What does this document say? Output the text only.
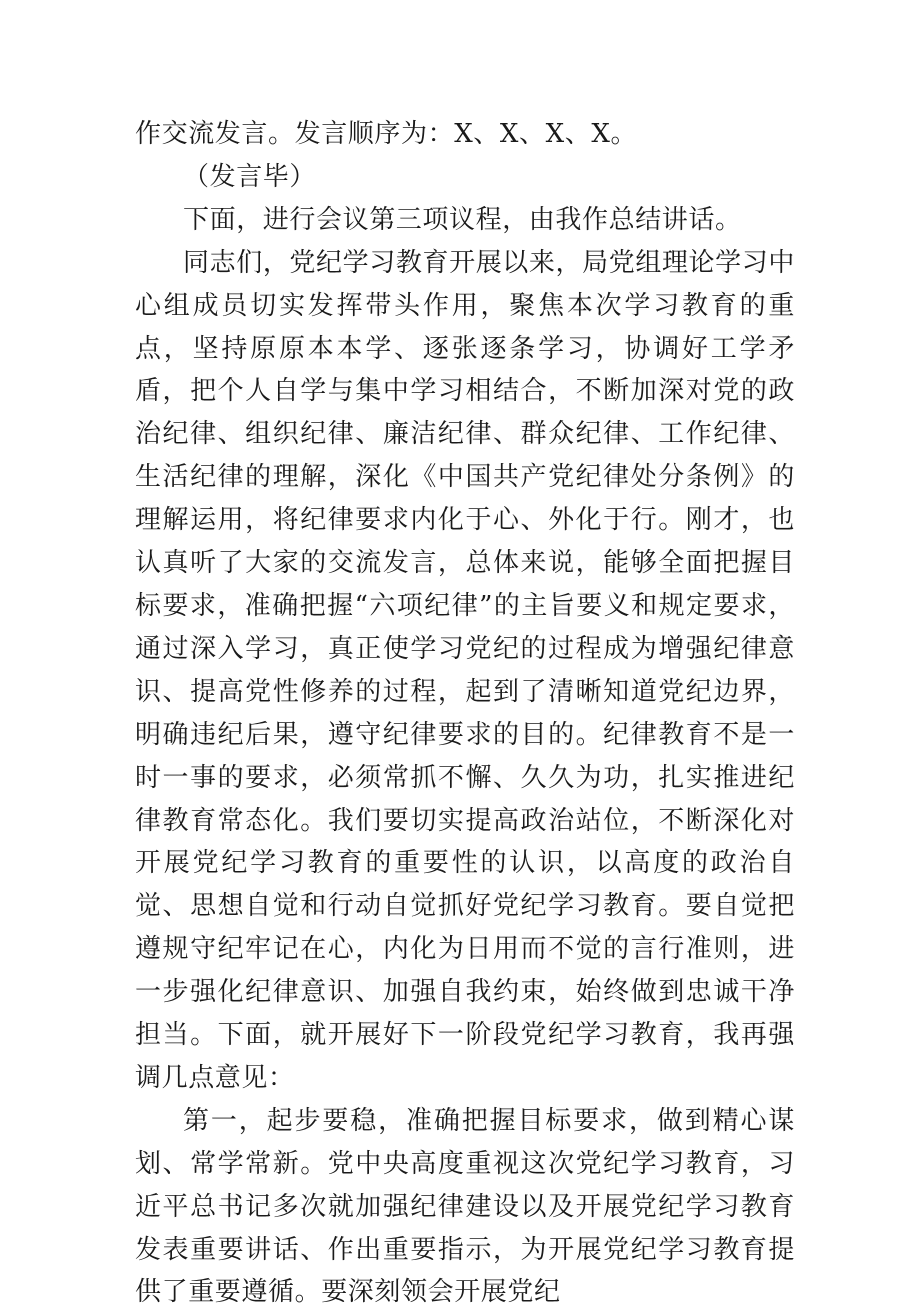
作交流发言。发言顺序为：X、X、X、X。

（发言毕）

下面，进行会议第三项议程，由我作总结讲话。

同志们，党纪学习教育开展以来，局党组理论学习中心组成员切实发挥带头作用，聚焦本次学习教育的重点，坚持原原本本学、逐张逐条学习，协调好工学矛盾，把个人自学与集中学习相结合，不断加深对党的政治纪律、组织纪律、廉洁纪律、群众纪律、工作纪律、生活纪律的理解，深化《中国共产党纪律处分条例》的理解运用，将纪律要求内化于心、外化于行。刚才，也认真听了大家的交流发言，总体来说，能够全面把握目标要求，准确把握“六项纪律”的主旨要义和规定要求，通过深入学习，真正使学习党纪的过程成为增强纪律意识、提高党性修养的过程，起到了清晰知道党纪边界，明确违纪后果，遵守纪律要求的目的。纪律教育不是一时一事的要求，必须常抓不懈、久久为功，扎实推进纪律教育常态化。我们要切实提高政治站位，不断深化对开展党纪学习教育的重要性的认识，以高度的政治自觉、思想自觉和行动自觉抓好党纪学习教育。要自觉把遵规守纪牢记在心，内化为日用而不觉的言行准则，进一步强化纪律意识、加强自我约束，始终做到忠诚干净担当。下面，就开展好下一阶段党纪学习教育，我再强调几点意见：

第一，起步要稳，准确把握目标要求，做到精心谋划、常学常新。党中央高度重视这次党纪学习教育，习近平总书记多次就加强纪律建设以及开展党纪学习教育发表重要讲话、作出重要指示，为开展党纪学习教育提供了重要遵循。要深刻领会开展党纪
